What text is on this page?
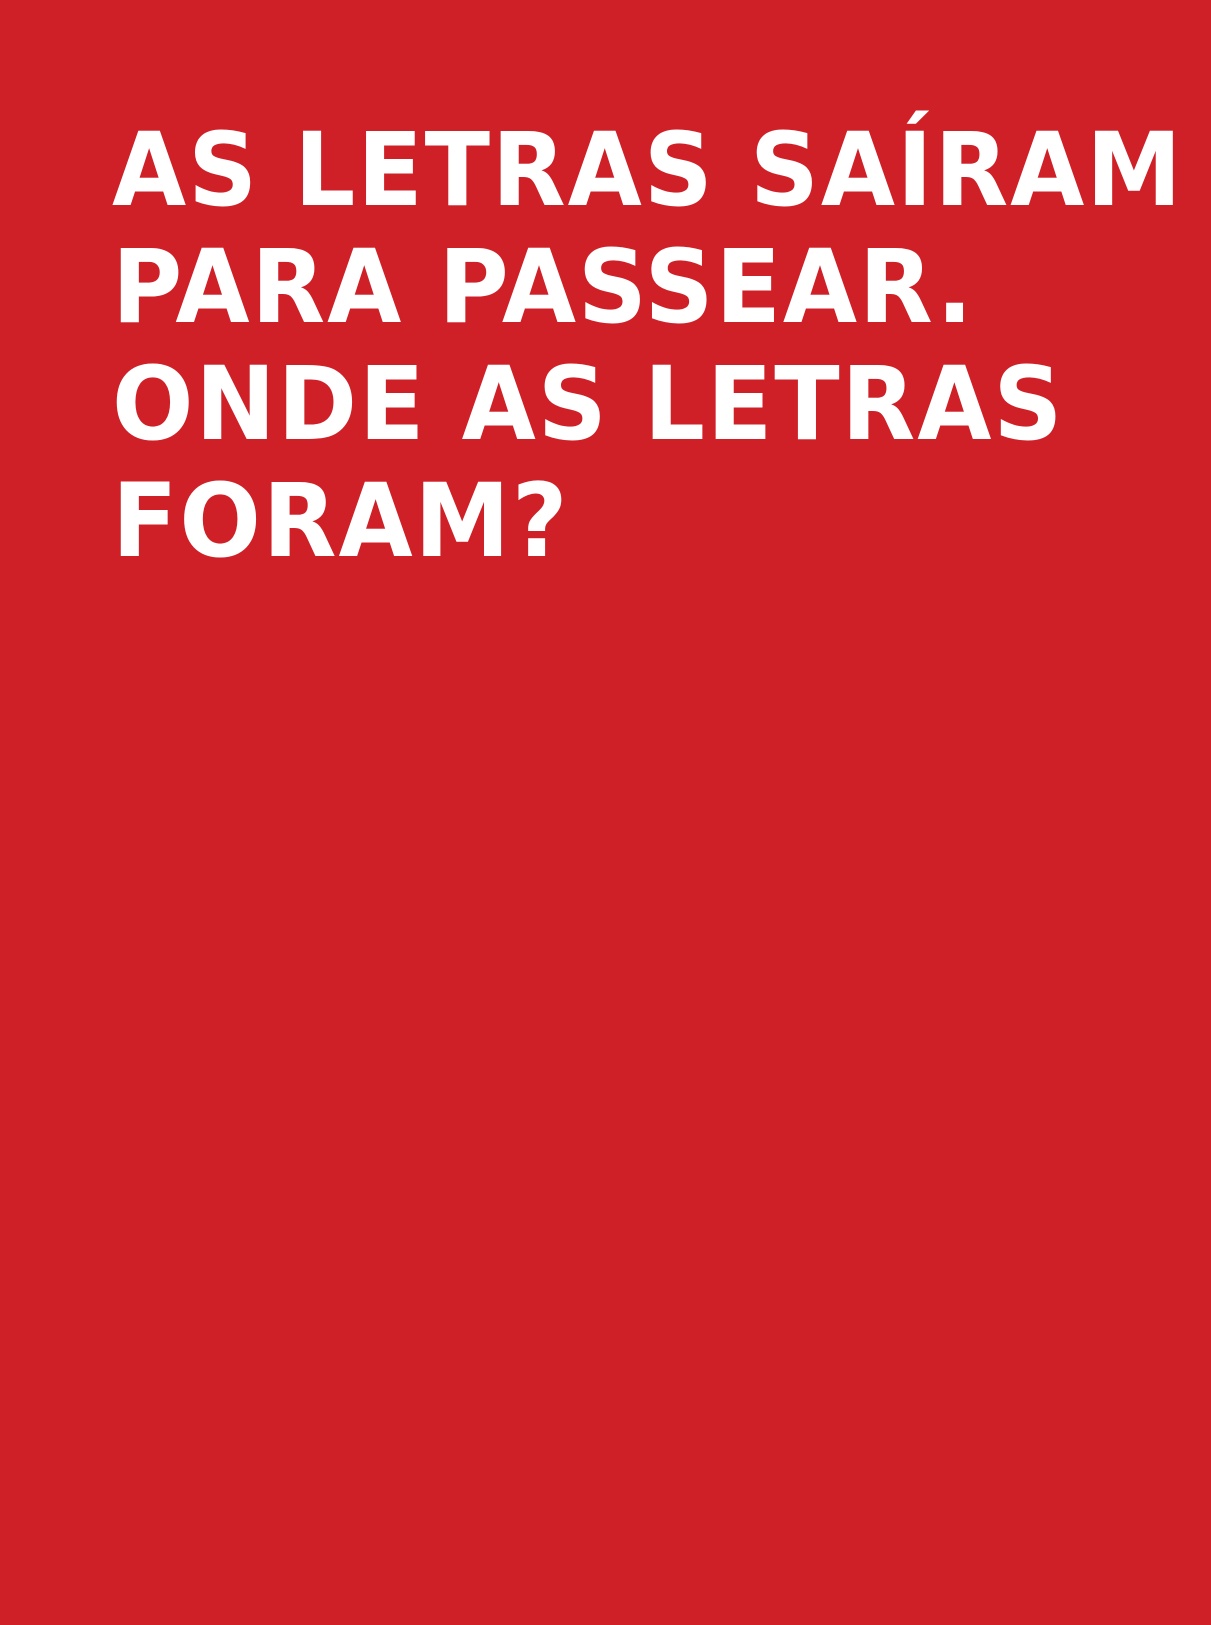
AS LETRAS SAÍRAM
PARA PASSEAR.
ONDE AS LETRAS
FORAM?
